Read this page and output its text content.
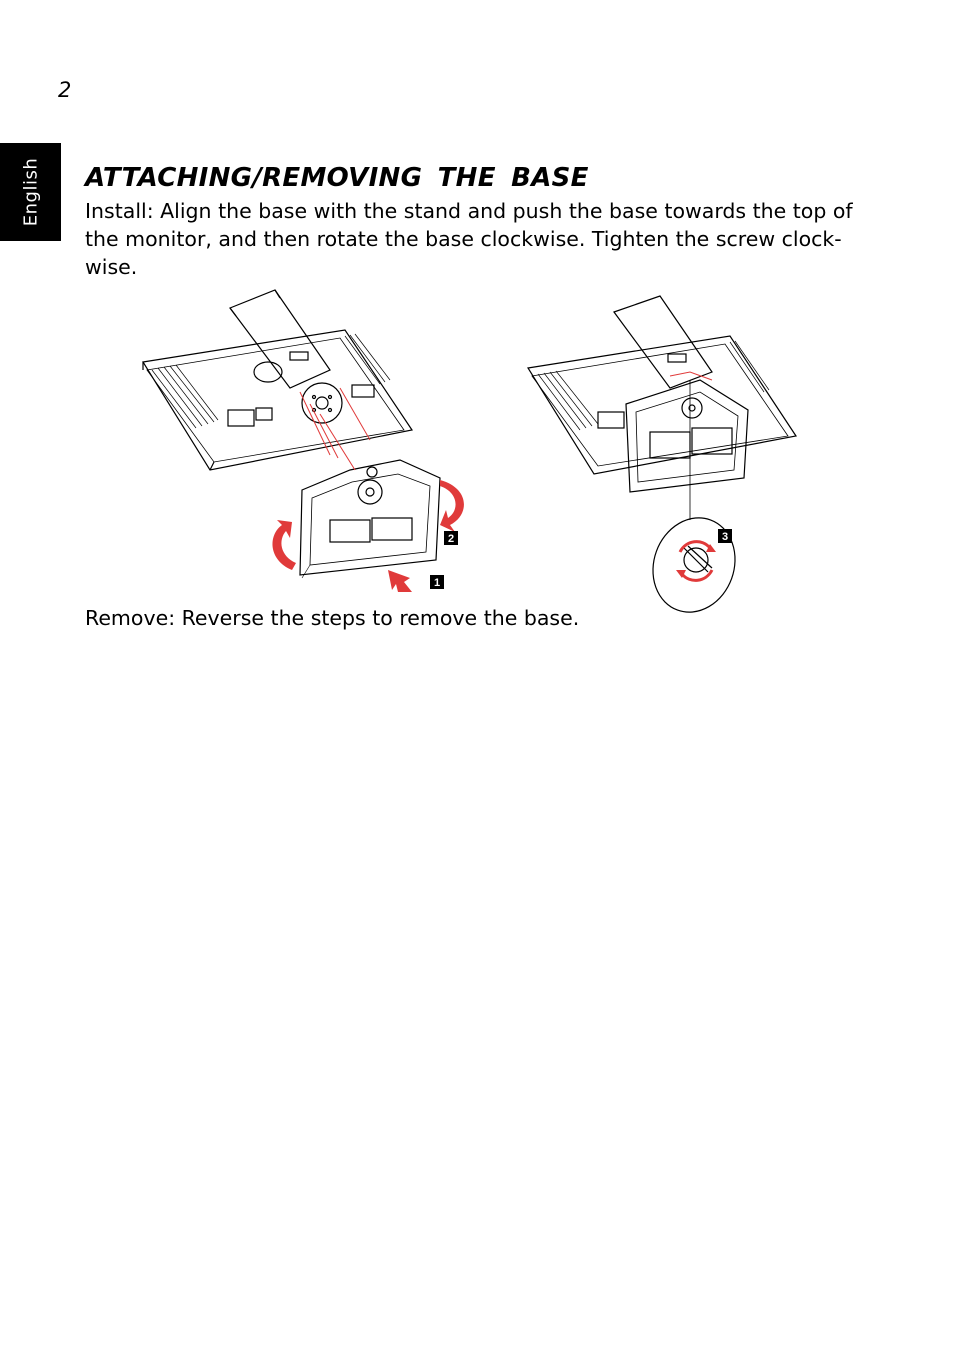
2
English ATTACHING/REMOVING THE BASE

Install: Align the base with the stand and push the base towards the top of the monitor, and then rotate the base clockwise. Tighten the screw clock-wise.

1
2	3

Remove: Reverse the steps to remove the base.
